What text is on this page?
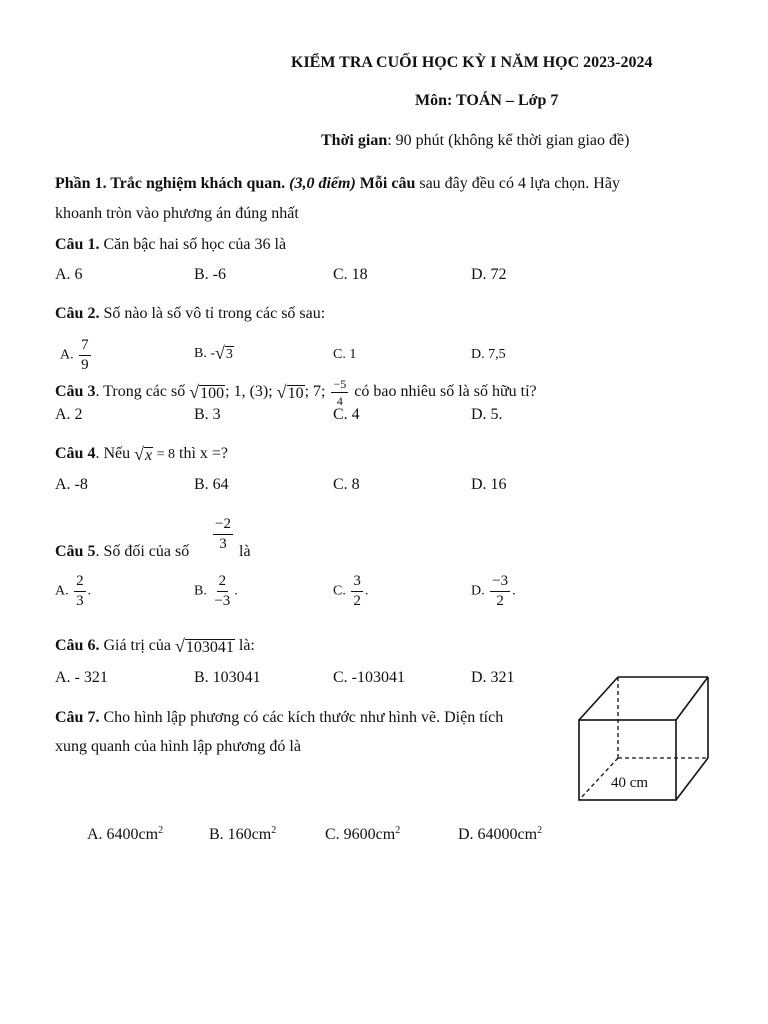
KIỂM TRA CUỐI HỌC KỲ I NĂM HỌC 2023-2024
Môn: TOÁN – Lớp 7
Thời gian: 90 phút (không kể thời gian giao đề)
Phần 1. Trắc nghiệm khách quan. (3,0 điểm) Mỗi câu sau đây đều có 4 lựa chọn. Hãy
khoanh tròn vào phương án đúng nhất
Câu 1. Căn bậc hai số học của 36 là
A. 6	B. -6	C. 18	D. 72
Câu 2. Số nào là số vô tỉ trong các số sau:
A. $\frac{7}{9}$	B. - √ 3	C. 1	D. 7,5
Câu 3. Trong các số √ 100 ; 1, (3); √ 10 ; 7; $\frac{-5}{4}$ có bao nhiêu số là số hữu tỉ?
A. 2	B. 3	C. 4	D. 5.
Câu 4. Nếu √ x = 8 thì x =?
A. -8	B. 64	C. 8	D. 16
Câu 5. Số đối của số $\frac{-2}{3}$ là
A. $\frac{2}{3}$ .	B. $\frac{2}{-3}$ .	C. $\frac{3}{2}$ .	D. $\frac{-3}{2}$ .
Câu 6. Giá trị của √ 103041 là:
A. - 321	B. 103041	C. -103041	D. 321
Câu 7. Cho hình lập phương có các kích thước như hình vẽ. Diện tích
xung quanh của hình lập phương đó là
40 cm
A. $6400cm^2$	B. $160cm^2$	C. $9600cm^2$	D. $64000cm^2$
